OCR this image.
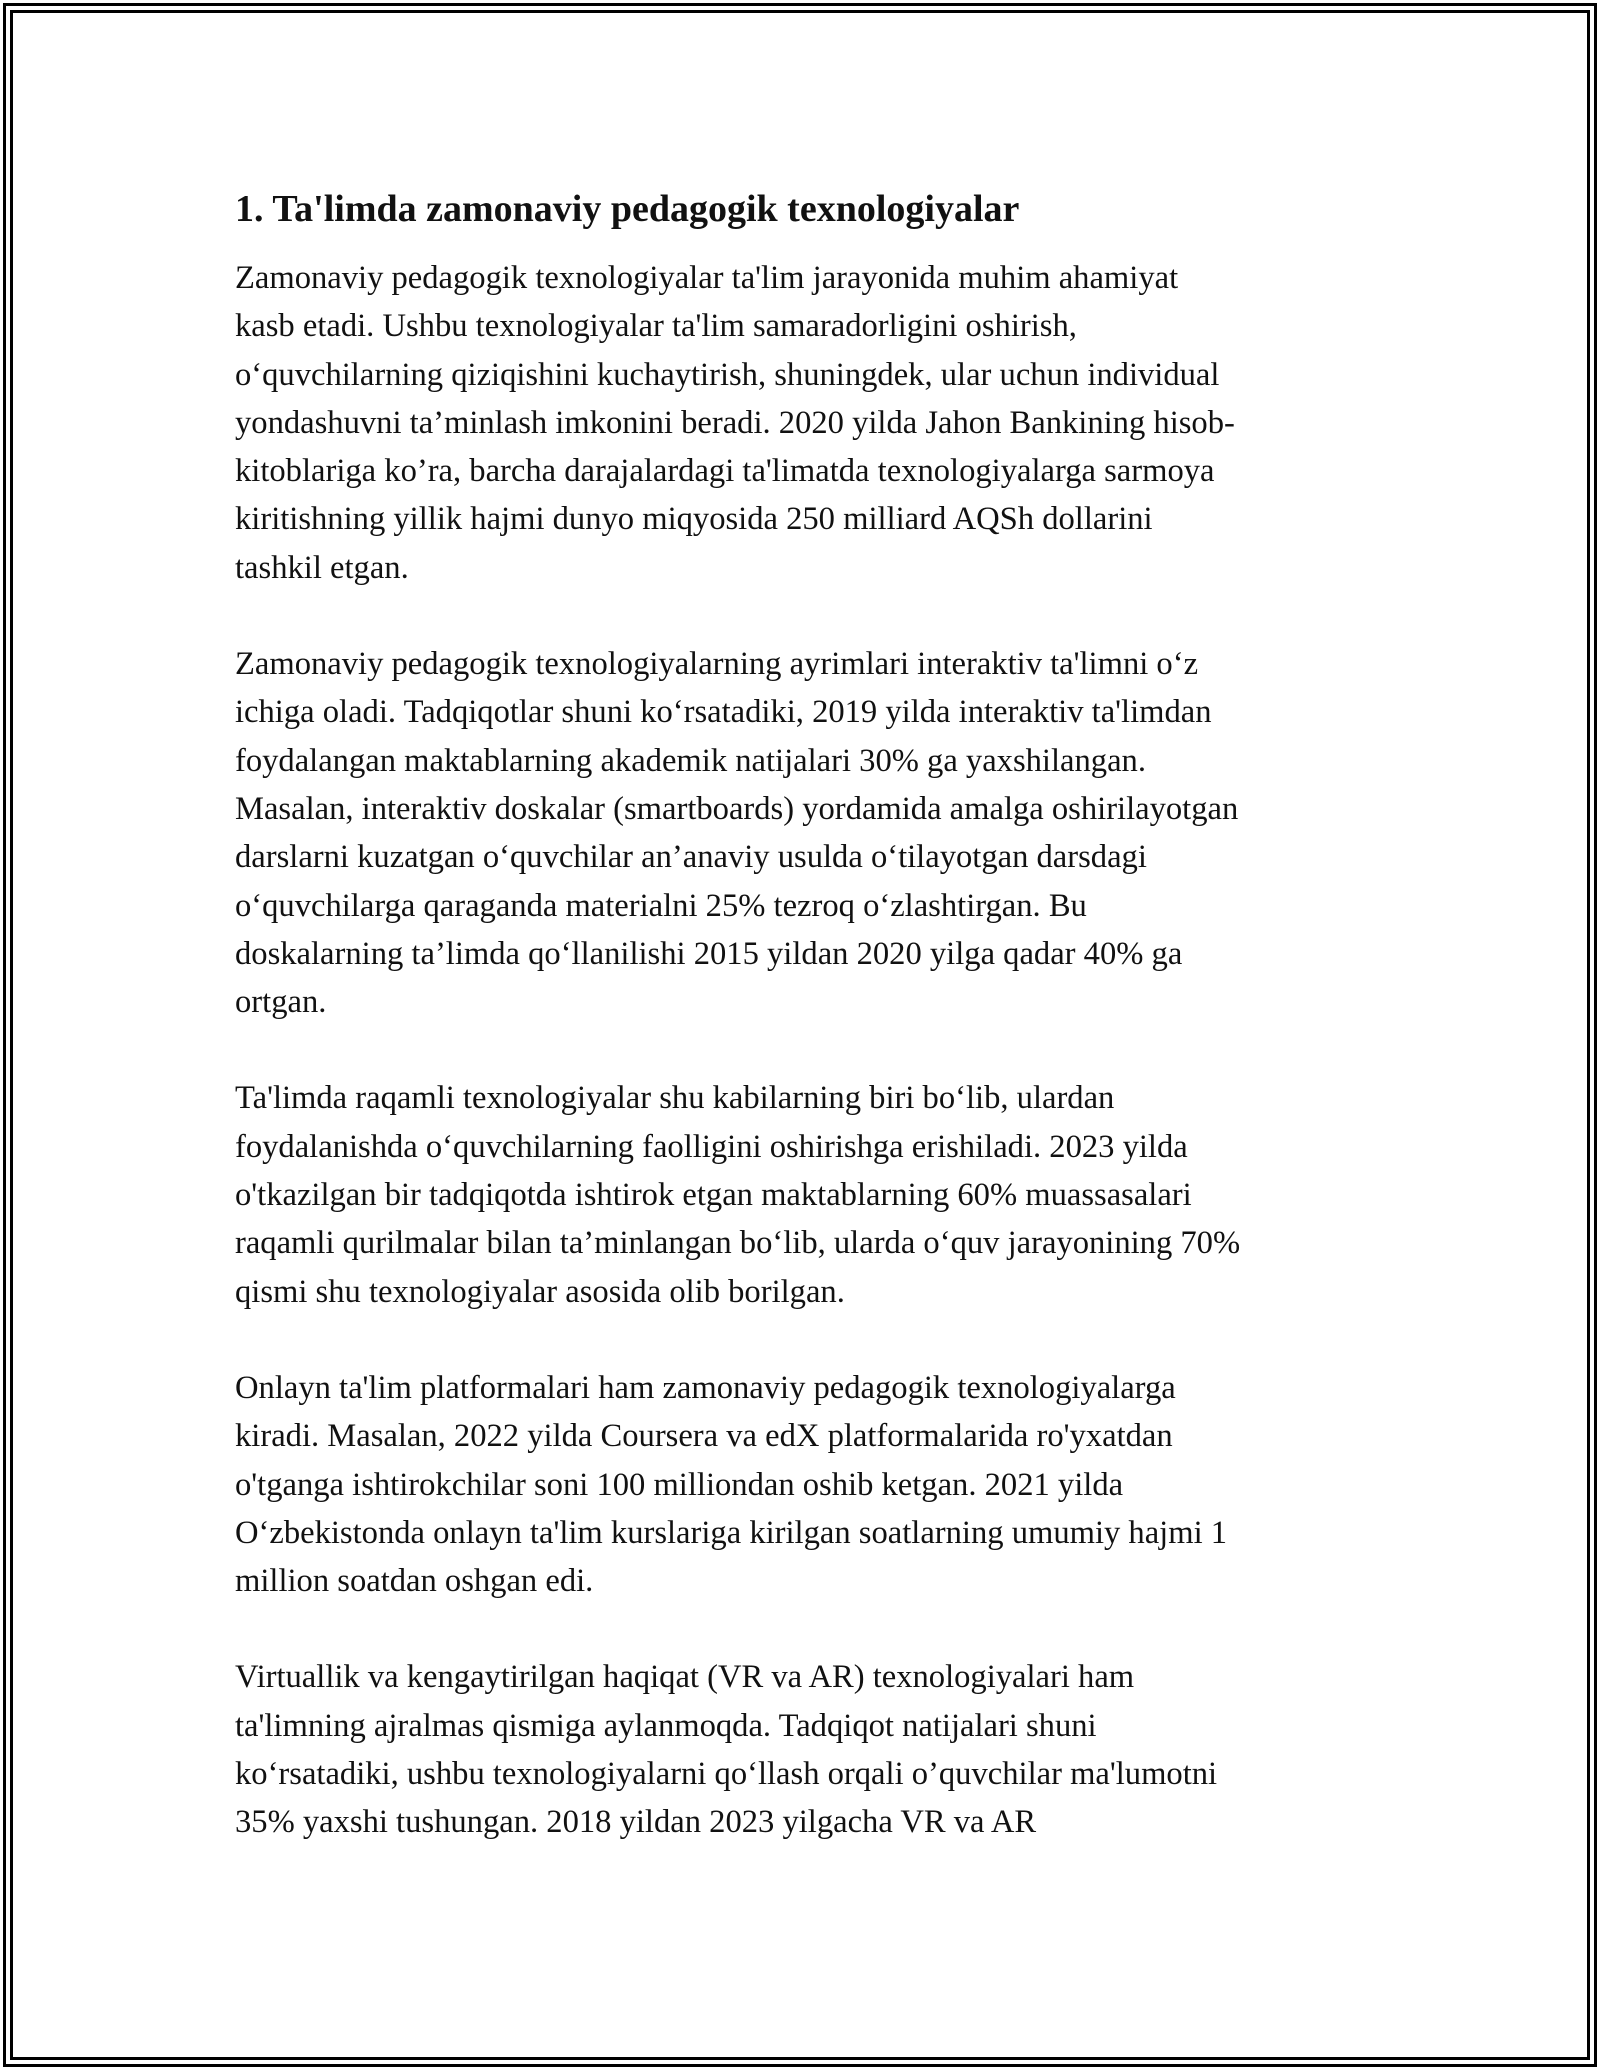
1. Ta'limda zamonaviy pedagogik texnologiyalar
Zamonaviy pedagogik texnologiyalar ta'lim jarayonida muhim ahamiyat
kasb etadi. Ushbu texnologiyalar ta'lim samaradorligini oshirish,
o‘quvchilarning qiziqishini kuchaytirish, shuningdek, ular uchun individual
yondashuvni ta’minlash imkonini beradi. 2020 yilda Jahon Bankining hisob-
kitoblariga ko’ra, barcha darajalardagi ta'limatda texnologiyalarga sarmoya
kiritishning yillik hajmi dunyo miqyosida 250 milliard AQSh dollarini
tashkil etgan.
Zamonaviy pedagogik texnologiyalarning ayrimlari interaktiv ta'limni o‘z
ichiga oladi. Tadqiqotlar shuni ko‘rsatadiki, 2019 yilda interaktiv ta'limdan
foydalangan maktablarning akademik natijalari 30% ga yaxshilangan.
Masalan, interaktiv doskalar (smartboards) yordamida amalga oshirilayotgan
darslarni kuzatgan o‘quvchilar an’anaviy usulda o‘tilayotgan darsdagi
o‘quvchilarga qaraganda materialni 25% tezroq o‘zlashtirgan. Bu
doskalarning ta’limda qo‘llanilishi 2015 yildan 2020 yilga qadar 40% ga
ortgan.
Ta'limda raqamli texnologiyalar shu kabilarning biri bo‘lib, ulardan
foydalanishda o‘quvchilarning faolligini oshirishga erishiladi. 2023 yilda
o'tkazilgan bir tadqiqotda ishtirok etgan maktablarning 60% muassasalari
raqamli qurilmalar bilan ta’minlangan bo‘lib, ularda o‘quv jarayonining 70%
qismi shu texnologiyalar asosida olib borilgan.
Onlayn ta'lim platformalari ham zamonaviy pedagogik texnologiyalarga
kiradi. Masalan, 2022 yilda Coursera va edX platformalarida ro'yxatdan
o'tganga ishtirokchilar soni 100 milliondan oshib ketgan. 2021 yilda
O‘zbekistonda onlayn ta'lim kurslariga kirilgan soatlarning umumiy hajmi 1
million soatdan oshgan edi.
Virtuallik va kengaytirilgan haqiqat (VR va AR) texnologiyalari ham
ta'limning ajralmas qismiga aylanmoqda. Tadqiqot natijalari shuni
ko‘rsatadiki, ushbu texnologiyalarni qo‘llash orqali o’quvchilar ma'lumotni
35% yaxshi tushungan. 2018 yildan 2023 yilgacha VR va AR
